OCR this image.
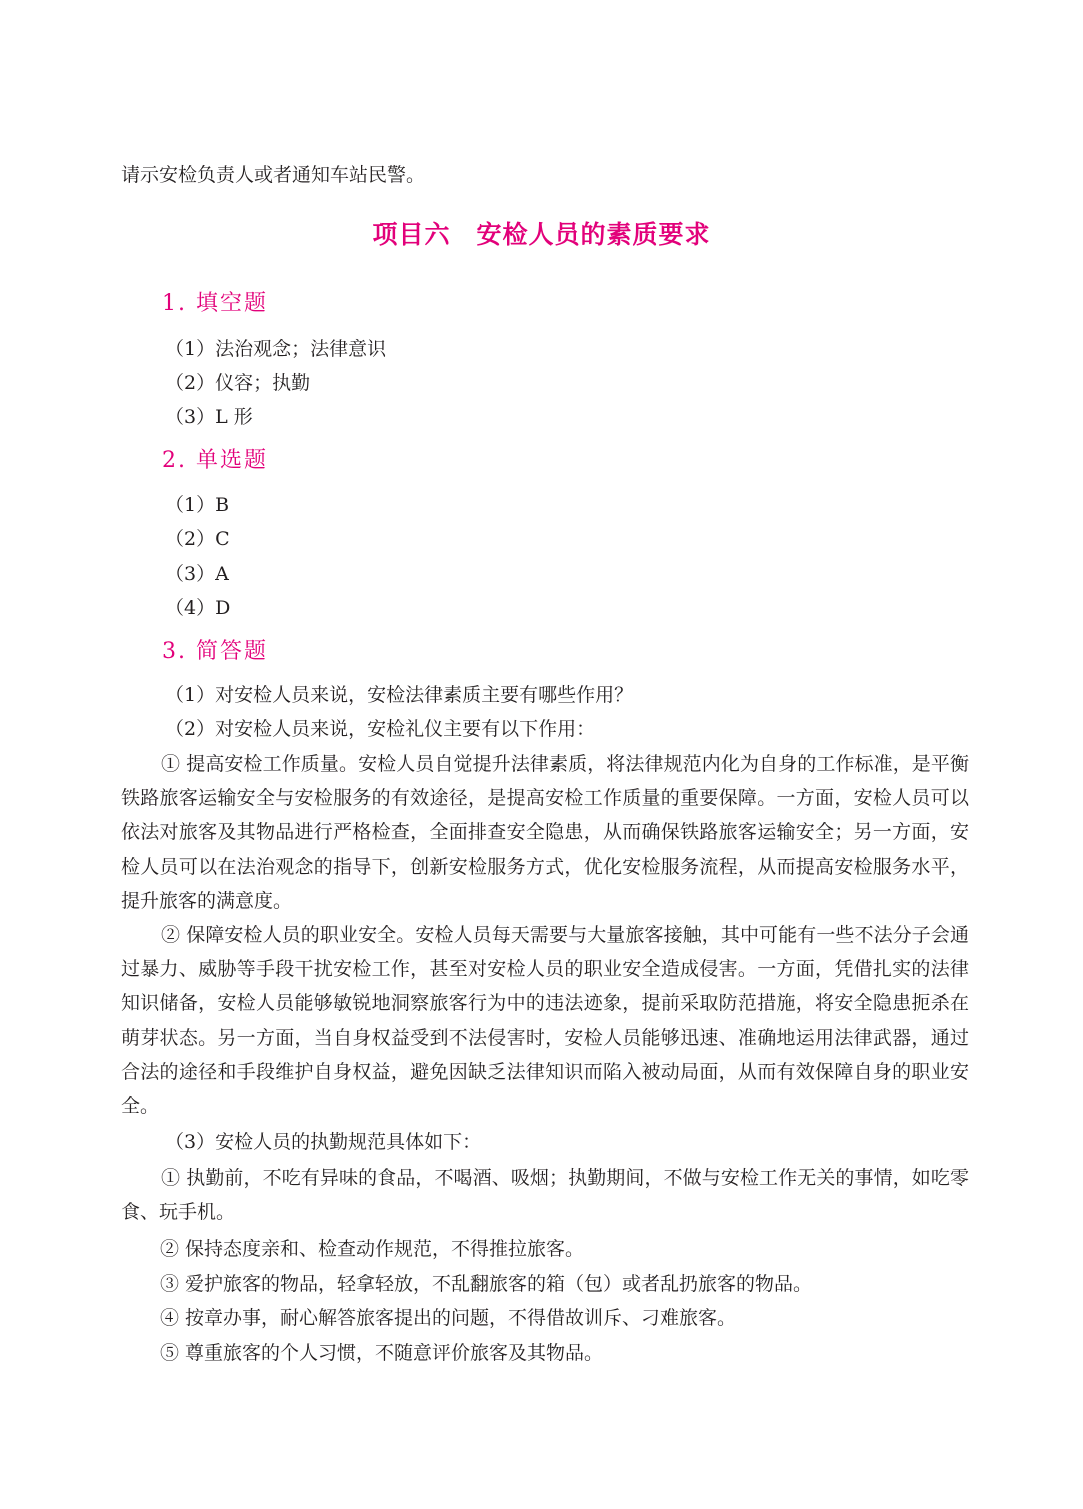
请示安检负责人或者通知车站民警。
项目六　安检人员的素质要求
1. 填空题
（1）法治观念；法律意识
（2）仪容；执勤
（3）L 形
2. 单选题
（1）B
（2）C
（3）A
（4）D
3. 简答题
（1）对安检人员来说，安检法律素质主要有哪些作用？
（2）对安检人员来说，安检礼仪主要有以下作用：
① 提高安检工作质量。安检人员自觉提升法律素质，将法律规范内化为自身的工作标准，是平衡铁路旅客运输安全与安检服务的有效途径，是提高安检工作质量的重要保障。一方面，安检人员可以依法对旅客及其物品进行严格检查，全面排查安全隐患，从而确保铁路旅客运输安全；另一方面，安检人员可以在法治观念的指导下，创新安检服务方式，优化安检服务流程，从而提高安检服务水平，提升旅客的满意度。
② 保障安检人员的职业安全。安检人员每天需要与大量旅客接触，其中可能有一些不法分子会通过暴力、威胁等手段干扰安检工作，甚至对安检人员的职业安全造成侵害。一方面，凭借扎实的法律知识储备，安检人员能够敏锐地洞察旅客行为中的违法迹象，提前采取防范措施，将安全隐患扼杀在萌芽状态。另一方面，当自身权益受到不法侵害时，安检人员能够迅速、准确地运用法律武器，通过合法的途径和手段维护自身权益，避免因缺乏法律知识而陷入被动局面，从而有效保障自身的职业安全。
（3）安检人员的执勤规范具体如下：
① 执勤前，不吃有异味的食品，不喝酒、吸烟；执勤期间，不做与安检工作无关的事情，如吃零食、玩手机。
② 保持态度亲和、检查动作规范，不得推拉旅客。
③ 爱护旅客的物品，轻拿轻放，不乱翻旅客的箱（包）或者乱扔旅客的物品。
④ 按章办事，耐心解答旅客提出的问题，不得借故训斥、刁难旅客。
⑤ 尊重旅客的个人习惯，不随意评价旅客及其物品。
